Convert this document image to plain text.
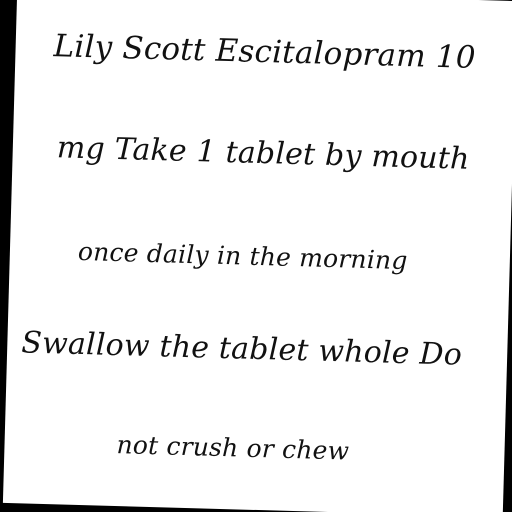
Lily Scott Escitalopram 10
mg Take 1 tablet by mouth
once daily in the morning
Swallow the tablet whole Do
not crush or chew
